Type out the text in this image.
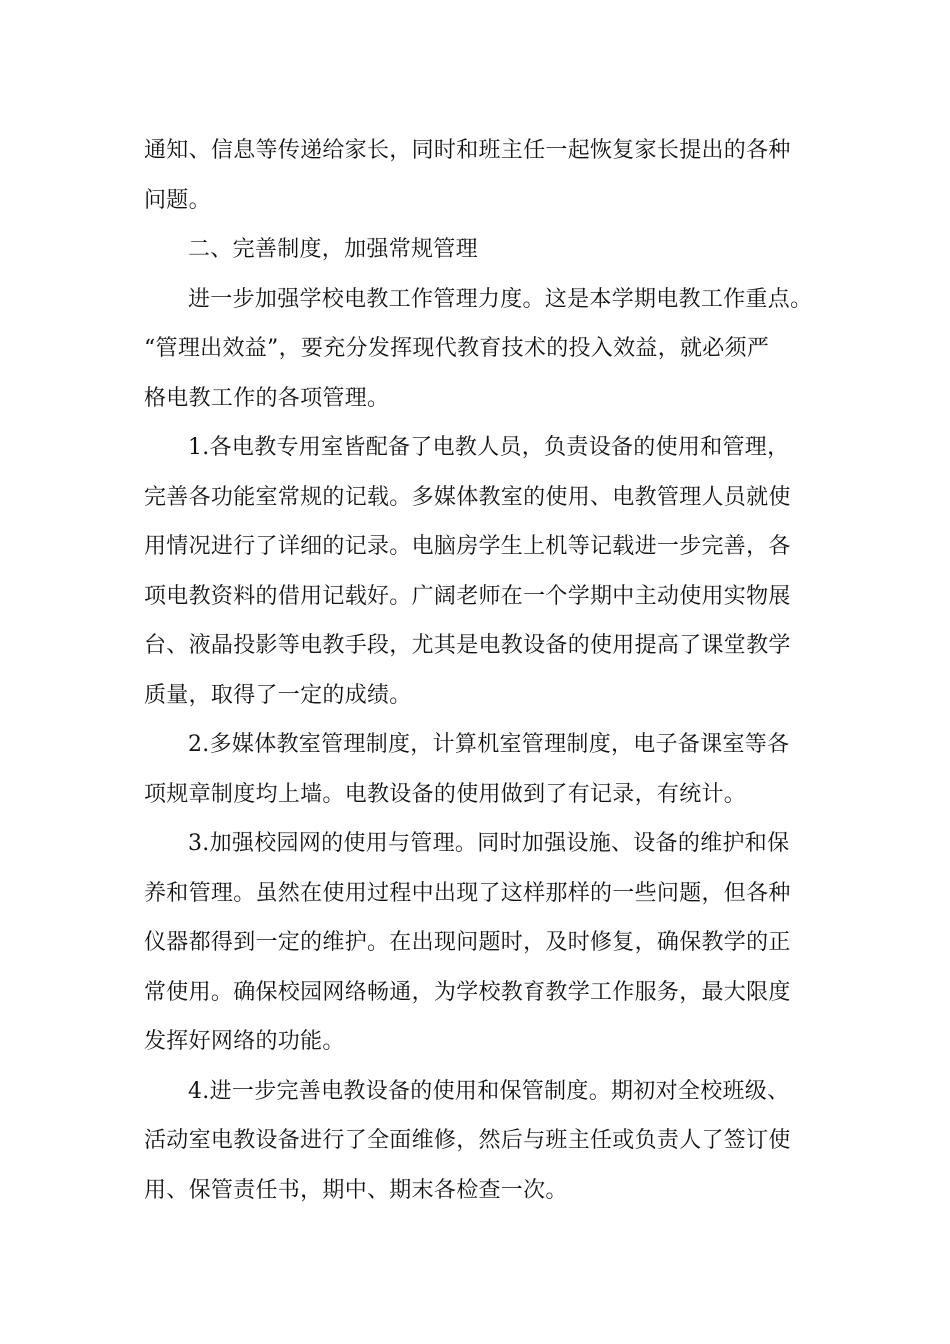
通知、信息等传递给家长，同时和班主任一起恢复家长提出的各种
问题。
二、完善制度，加强常规管理
进一步加强学校电教工作管理力度。这是本学期电教工作重点。
“管理出效益”，要充分发挥现代教育技术的投入效益，就必须严
格电教工作的各项管理。
1.各电教专用室皆配备了电教人员，负责设备的使用和管理，
完善各功能室常规的记载。多媒体教室的使用、电教管理人员就使
用情况进行了详细的记录。电脑房学生上机等记载进一步完善，各
项电教资料的借用记载好。广阔老师在一个学期中主动使用实物展
台、液晶投影等电教手段，尤其是电教设备的使用提高了课堂教学
质量，取得了一定的成绩。
2.多媒体教室管理制度，计算机室管理制度，电子备课室等各
项规章制度均上墙。电教设备的使用做到了有记录，有统计。
3.加强校园网的使用与管理。同时加强设施、设备的维护和保
养和管理。虽然在使用过程中出现了这样那样的一些问题，但各种
仪器都得到一定的维护。在出现问题时，及时修复，确保教学的正
常使用。确保校园网络畅通，为学校教育教学工作服务，最大限度
发挥好网络的功能。
4.进一步完善电教设备的使用和保管制度。期初对全校班级、
活动室电教设备进行了全面维修，然后与班主任或负责人了签订使
用、保管责任书，期中、期末各检查一次。
